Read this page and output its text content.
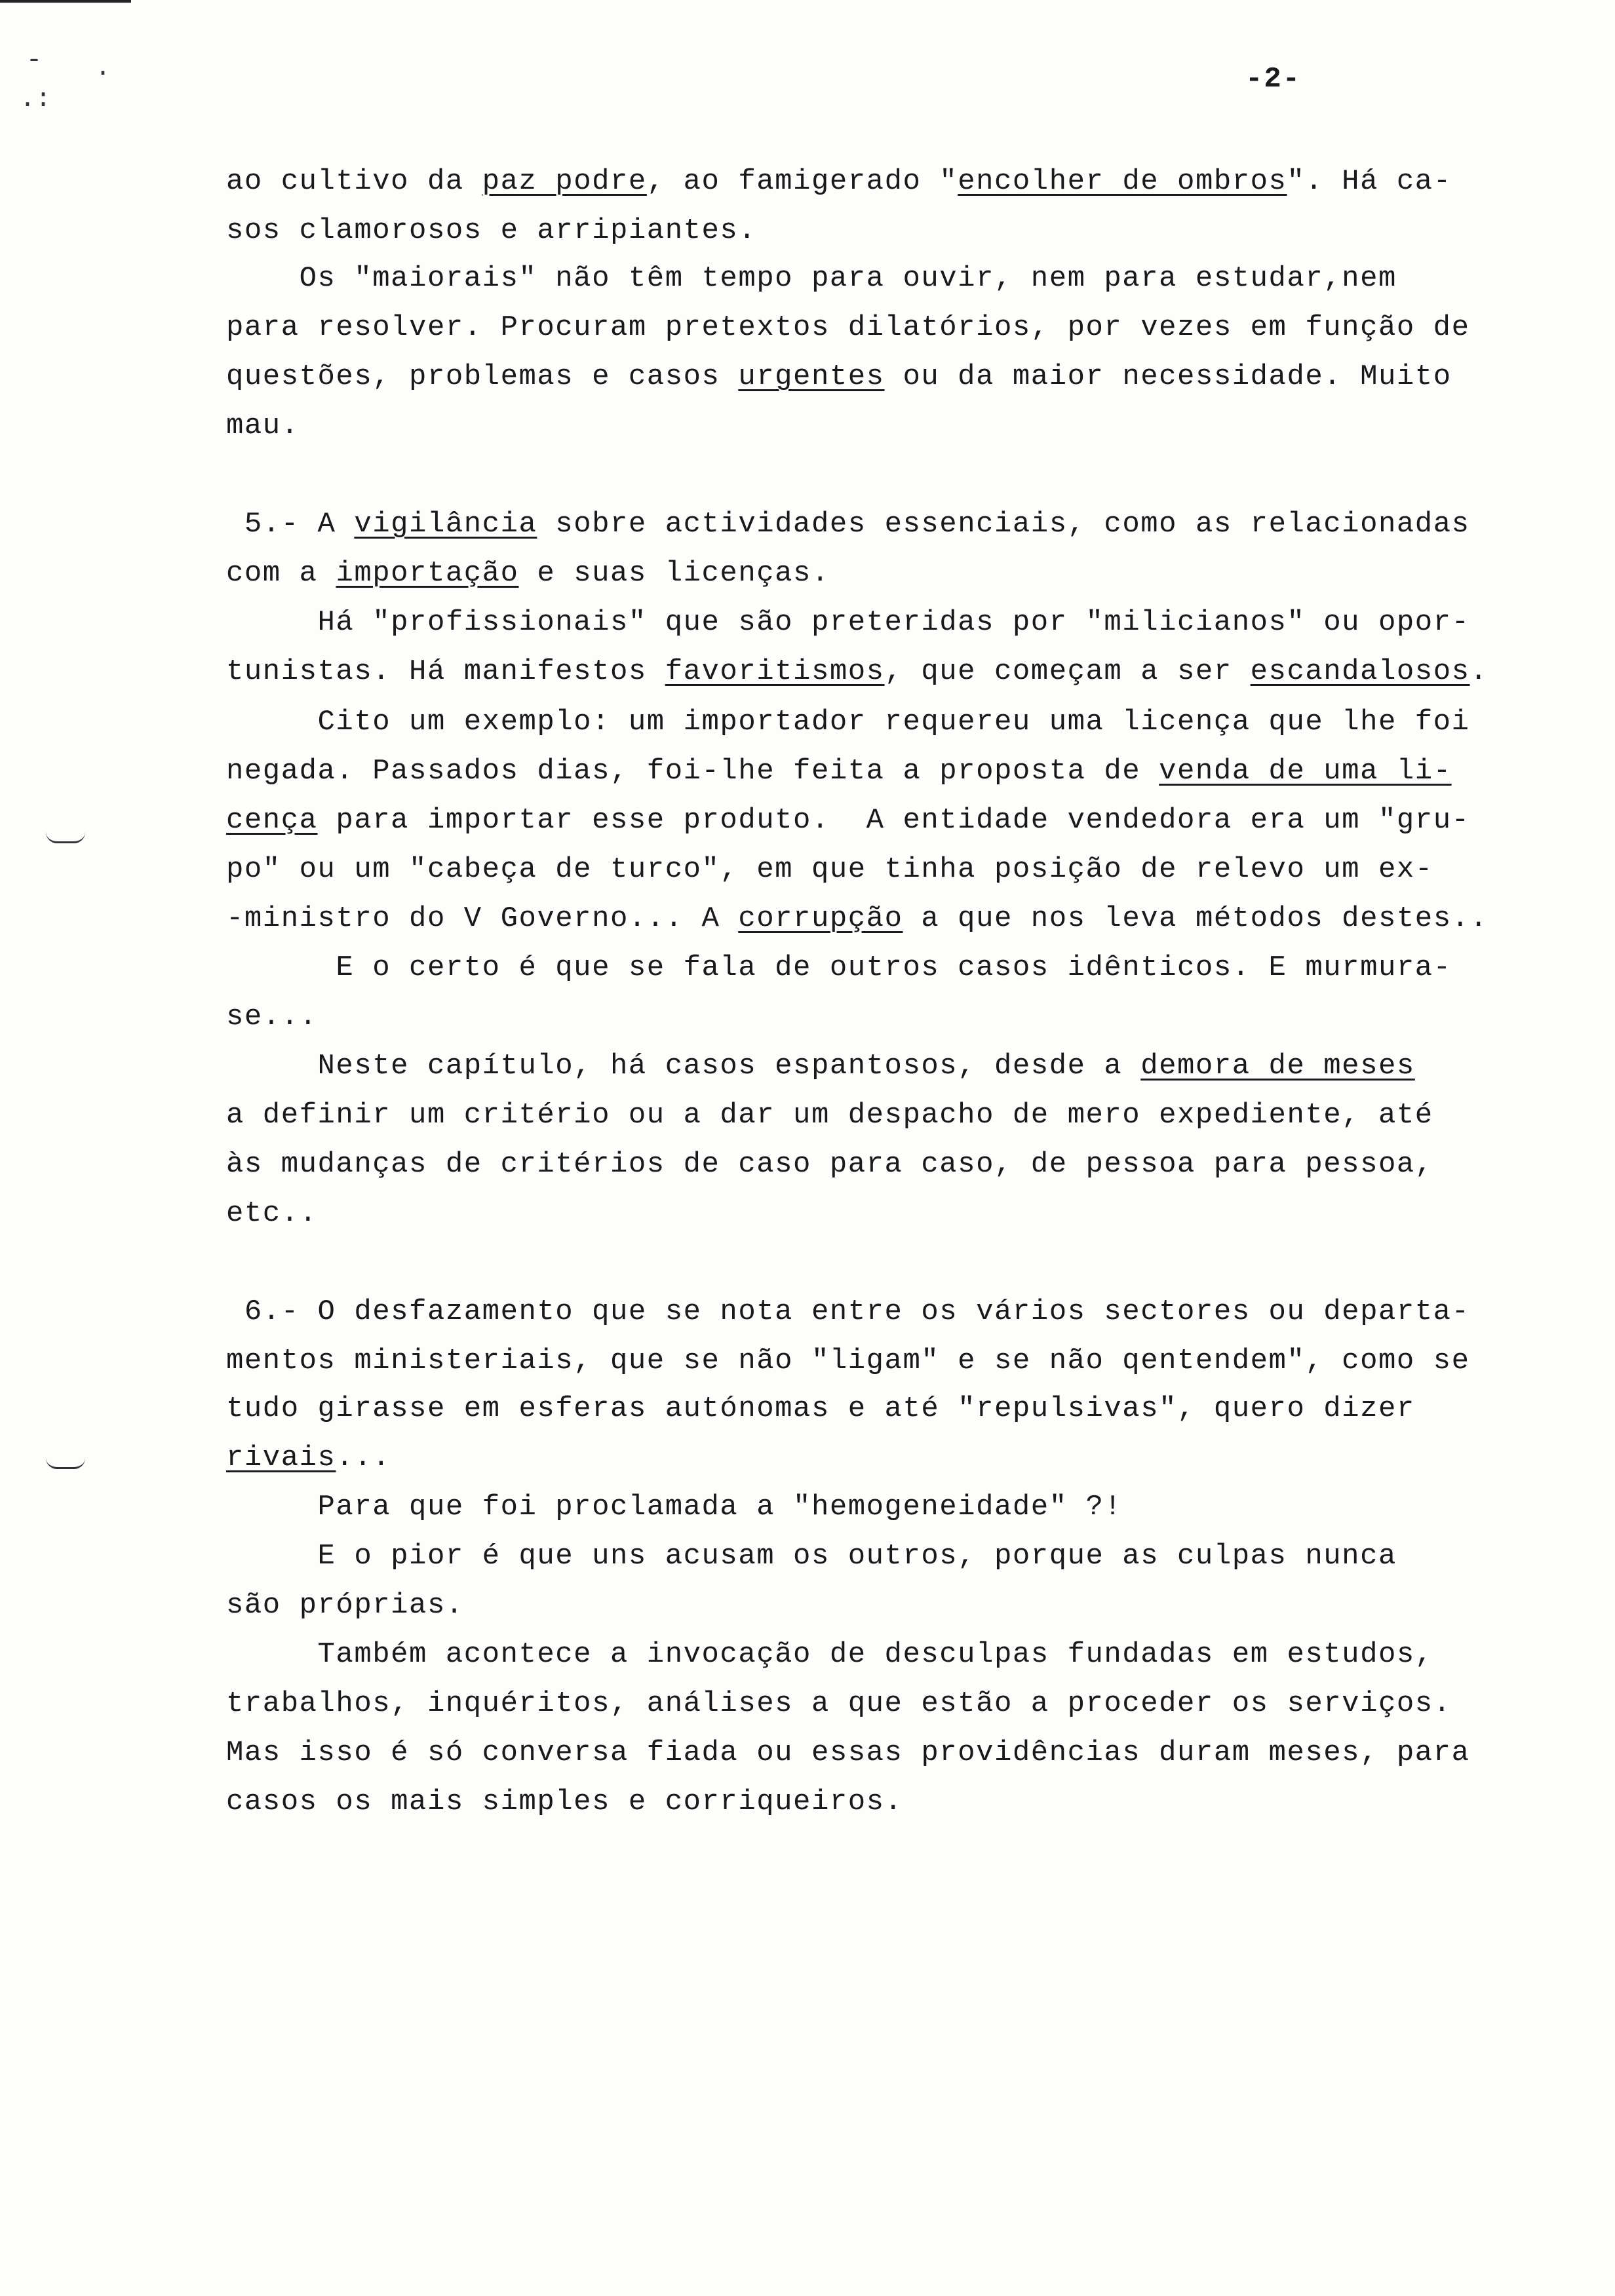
- ·
.:
-2-
ao cultivo da paz podre, ao famigerado "encolher de ombros". Há ca-
sos clamorosos e arripiantes.
Os "maiorais" não têm tempo para ouvir, nem para estudar,nem
para resolver. Procuram pretextos dilatórios, por vezes em função de
questões, problemas e casos urgentes ou da maior necessidade. Muito
mau.
5.- A vigilância sobre actividades essenciais, como as relacionadas
com a importação e suas licenças.
Há "profissionais" que são preteridas por "milicianos" ou opor-
tunistas. Há manifestos favoritismos, que começam a ser escandalosos.
Cito um exemplo: um importador requereu uma licença que lhe foi
negada. Passados dias, foi-lhe feita a proposta de venda de uma li-
cença para importar esse produto.  A entidade vendedora era um "gru-
po" ou um "cabeça de turco", em que tinha posição de relevo um ex-
-ministro do V Governo... A corrupção a que nos leva métodos destes..
E o certo é que se fala de outros casos idênticos. E murmura-
se...
Neste capítulo, há casos espantosos, desde a demora de meses
a definir um critério ou a dar um despacho de mero expediente, até
às mudanças de critérios de caso para caso, de pessoa para pessoa,
etc..
6.- O desfazamento que se nota entre os vários sectores ou departa-
mentos ministeriais, que se não "ligam" e se não qentendem", como se
tudo girasse em esferas autónomas e até "repulsivas", quero dizer
rivais...
Para que foi proclamada a "hemogeneidade" ?!
E o pior é que uns acusam os outros, porque as culpas nunca
são próprias.
Também acontece a invocação de desculpas fundadas em estudos,
trabalhos, inquéritos, análises a que estão a proceder os serviços.
Mas isso é só conversa fiada ou essas providências duram meses, para
casos os mais simples e corriqueiros.
